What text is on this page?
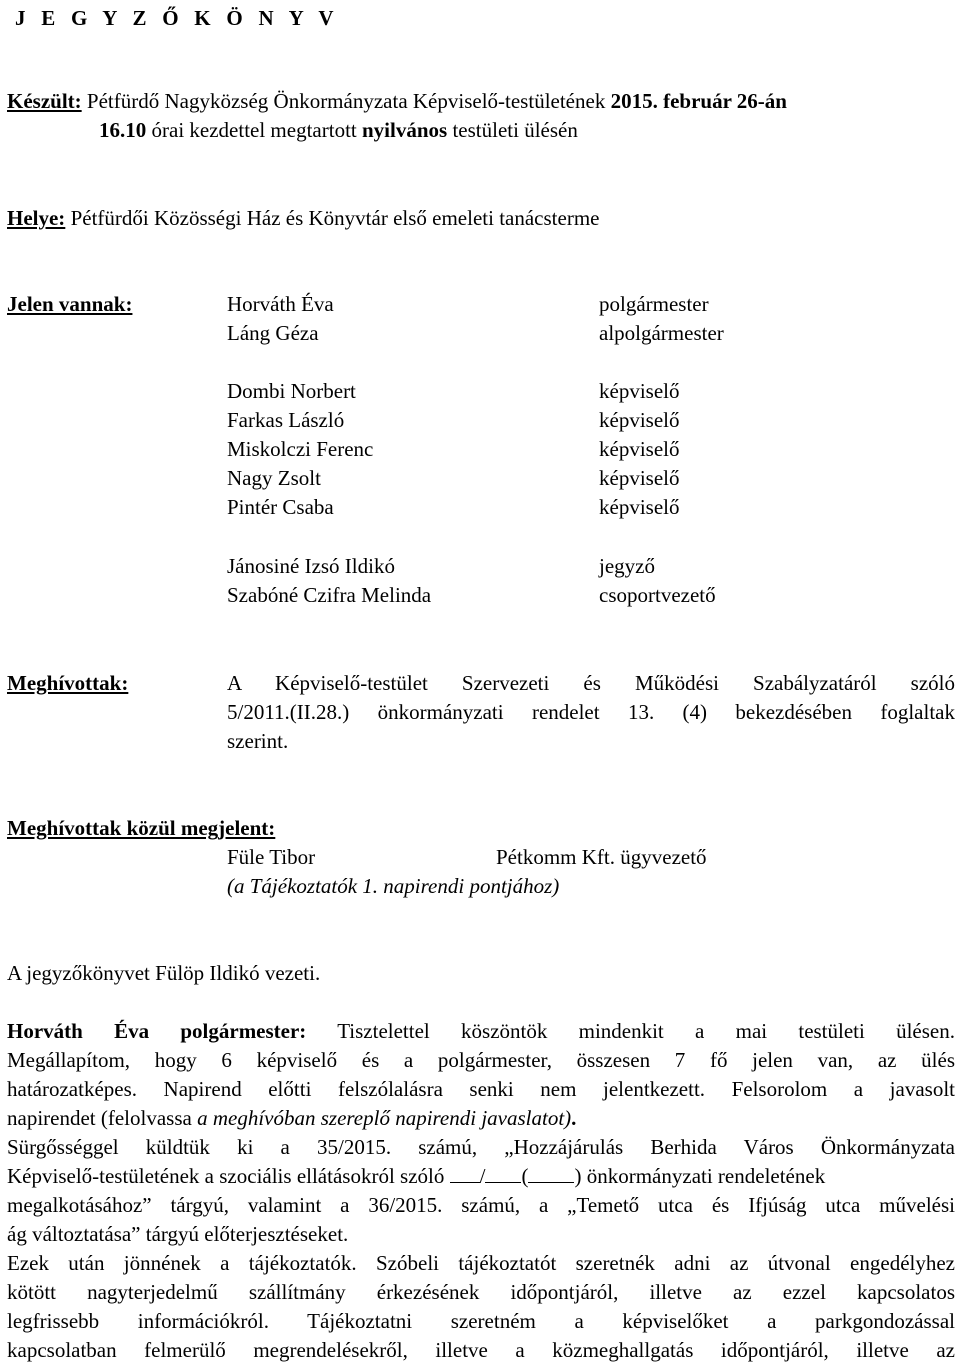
J E G Y Z Ő K Ö N Y V
Készült: Pétfürdő Nagyközség Önkormányzata Képviselő-testületének 2015. február 26-án
16.10 órai kezdettel megtartott nyilvános testületi ülésén
Helye: Pétfürdői Közösségi Ház és Könyvtár első emeleti tanácsterme
Jelen vannak:	Horváth Éva	polgármester
Láng Géza	alpolgármester
Dombi Norbert	képviselő
Farkas László	képviselő
Miskolczi Ferenc	képviselő
Nagy Zsolt	képviselő
Pintér Csaba	képviselő
Jánosiné Izsó Ildikó	jegyző
Szabóné Czifra Melinda	csoportvezető
Meghívottak:	A Képviselő-testület Szervezeti és Működési Szabályzatáról szóló
5/2011.(II.28.) önkormányzati rendelet 13. (4) bekezdésében foglaltak
szerint.
Meghívottak közül megjelent:
Füle Tibor	Pétkomm Kft. ügyvezető
(a Tájékoztatók 1. napirendi pontjához)
A jegyzőkönyvet Fülöp Ildikó vezeti.
Horváth Éva polgármester: Tisztelettel köszöntök mindenkit a mai testületi ülésen.
Megállapítom, hogy 6 képviselő és a polgármester, összesen 7 fő jelen van, az ülés
határozatképes. Napirend előtti felszólalásra senki nem jelentkezett. Felsorolom a javasolt
napirendet (felolvassa a meghívóban szereplő napirendi javaslatot).
Sürgősséggel küldtük ki a 35/2015. számú, „Hozzájárulás Berhida Város Önkormányzata
Képviselő-testületének a szociális ellátásokról szóló / ( ) önkormányzati rendeletének
megalkotásához” tárgyú, valamint a 36/2015. számú, a „Temető utca és Ifjúság utca művelési
ág változtatása” tárgyú előterjesztéseket.
Ezek után jönnének a tájékoztatók. Szóbeli tájékoztatót szeretnék adni az útvonal engedélyhez
kötött nagyterjedelmű szállítmány érkezésének időpontjáról, illetve az ezzel kapcsolatos
legfrissebb információkról. Tájékoztatni szeretném a képviselőket a parkgondozással
kapcsolatban felmerülő megrendelésekről, illetve a közmeghallgatás időpontjáról, illetve az
